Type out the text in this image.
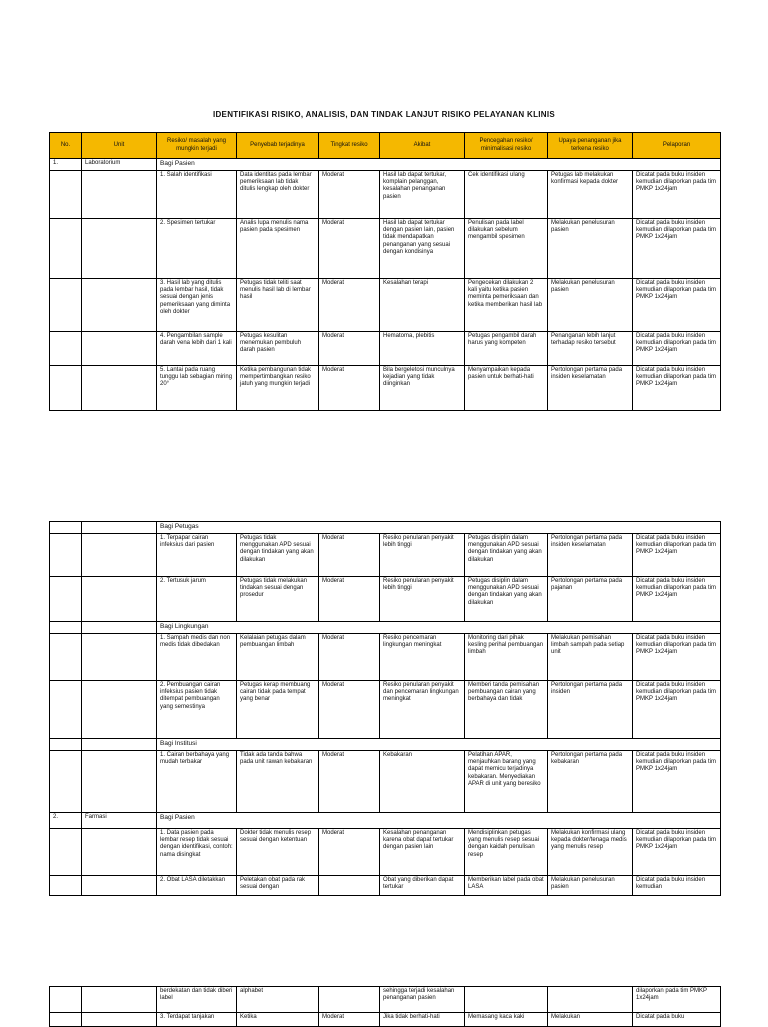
IDENTIFIKASI RISIKO, ANALISIS, DAN TINDAK LANJUT RISIKO PELAYANAN KLINIS
No.	Unit	Resiko/ masalah yang mungkin terjadi	Penyebab terjadinya	Tingkat resiko	Akibat	Pencegahan resiko/ minimalisasi resiko	Upaya penanganan jika terkena resiko	Pelaporan
1.	Laboratorium	Bagi Pasien						
		1. Salah identifikasi	Data identitas pada lembar pemeriksaan lab tidak ditulis lengkap oleh dokter	Moderat	Hasil lab dapat tertukar, komplain pelanggan, kesalahan penanganan pasien	Cek identifikasi ulang	Petugas lab melakukan konfirmasi kepada dokter	Dicatat pada buku insiden kemudian dilaporkan pada tim PMKP 1x24jam
		2. Spesimen tertukar	Analis lupa menulis nama pasien pada spesimen	Moderat	Hasil lab dapat tertukar dengan pasien lain, pasien tidak mendapatkan penanganan yang sesuai dengan kondisinya	Penulisan pada label dilakukan sebelum mengambil spesimen	Melakukan penelusuran pasien	Dicatat pada buku insiden kemudian dilaporkan pada tim PMKP 1x24jam
		3. Hasil lab yang ditulis pada lembar hasil, tidak sesuai dengan jenis pemeriksaan yang diminta oleh dokter	Petugas tidak teliti saat menulis hasil lab di lembar hasil	Moderat	Kesalahan terapi	Pengecekan dilakukan 2 kali yaitu ketika pasien meminta pemeriksaan dan ketika memberikan hasil lab	Melakukan penelusuran pasien	Dicatat pada buku insiden kemudian dilaporkan pada tim PMKP 1x24jam
		4. Pengambilan sample darah vena lebih dari 1 kali	Petugas kesulitan menemukan pembuluh darah pasien	Moderat	Hematoma, plebitis	Petugas pengambil darah harus yang kompeten	Penanganan lebih lanjut terhadap resiko tersebut	Dicatat pada buku insiden kemudian dilaporkan pada tim PMKP 1x24jam
		5. Lantai pada ruang tunggu lab sebagian miring 20°	Ketika pembangunan tidak mempertimbangkan resiko jatuh yang mungkin terjadi	Moderat	Bila bergeletosi munculnya kejadian yang tidak diinginkan	Menyampaikan kepada pasien untuk berhati-hati	Pertolongan pertama pada insiden keselamatan	Dicatat pada buku insiden kemudian dilaporkan pada tim PMKP 1x24jam
		Bagi Petugas						
		1. Terpapar cairan infeksius dari pasien	Petugas tidak menggunakan APD sesuai dengan tindakan yang akan dilakukan	Moderat	Resiko penularan penyakit lebih tinggi	Petugas disiplin dalam menggunakan APD sesuai dengan tindakan yang akan dilakukan	Pertolongan pertama pada insiden keselamatan	Dicatat pada buku insiden kemudian dilaporkan pada tim PMKP 1x24jam
		2. Tertusuk jarum	Petugas tidak melakukan tindakan sesuai dengan prosedur	Moderat	Resiko penularan penyakit lebih tinggi	Petugas disiplin dalam menggunakan APD sesuai dengan tindakan yang akan dilakukan	Pertolongan pertama pada pajanan	Dicatat pada buku insiden kemudian dilaporkan pada tim PMKP 1x24jam
		Bagi Lingkungan						
		1. Sampah medis dan non medis tidak dibedakan	Kelalaian petugas dalam pembuangan limbah	Moderat	Resiko pencemaran lingkungan meningkat	Monitoring dari pihak kesling perihal pembuangan limbah	Melakukan pemisahan limbah sampah pada setiap unit	Dicatat pada buku insiden kemudian dilaporkan pada tim PMKP 1x24jam
		2. Pembuangan cairan infeksius pasien tidak ditempat pembuangan yang semestinya	Petugas kerap membuang cairan tidak pada tempat yang benar	Moderat	Resiko penularan penyakit dan pencemaran lingkungan meningkat	Memberi tanda pemisahan pembuangan cairan yang berbahaya dan tidak	Pertolongan pertama pada insiden	Dicatat pada buku insiden kemudian dilaporkan pada tim PMKP 1x24jam
		Bagi Institusi						
		1. Cairan berbahaya yang mudah terbakar	Tidak ada tanda bahwa pada unit rawan kebakaran	Moderat	Kebakaran	Pelatihan APAR, menjauhkan barang yang dapat memicu terjadinya kebakaran. Menyediakan APAR di unit yang beresiko	Pertolongan pertama pada kebakaran	Dicatat pada buku insiden kemudian dilaporkan pada tim PMKP 1x24jam
2.	Farmasi	Bagi Pasien						
		1. Data pasien pada lembar resep tidak sesuai dengan identifikasi, contoh: nama disingkat	Dokter tidak menulis resep sesuai dengan ketentuan	Moderat	Kesalahan penanganan karena obat dapat tertukar dengan pasien lain	Mendisiplinkan petugas yang menulis resep sesuai dengan kaidah penulisan resep	Melakukan konfirmasi ulang kepada dokter/tenaga medis yang menulis resep	Dicatat pada buku insiden kemudian dilaporkan pada tim PMKP 1x24jam
		2. Obat LASA diletakkan	Peletakan obat pada rak sesuai dengan		Obat yang diberikan dapat tertukar	Memberikan label pada obat LASA	Melakukan penelusuran pasien	Dicatat pada buku insiden kemudian
		berdekatan dan tidak diberi label	alphabet		sehingga terjadi kesalahan penanganan pasien			dilaporkan pada tim PMKP 1x24jam
		3. Terdapat tanjakan	Ketika	Moderat	Jika tidak berhati-hati	Memasang kaca kaki	Melakukan	Dicatat pada buku
